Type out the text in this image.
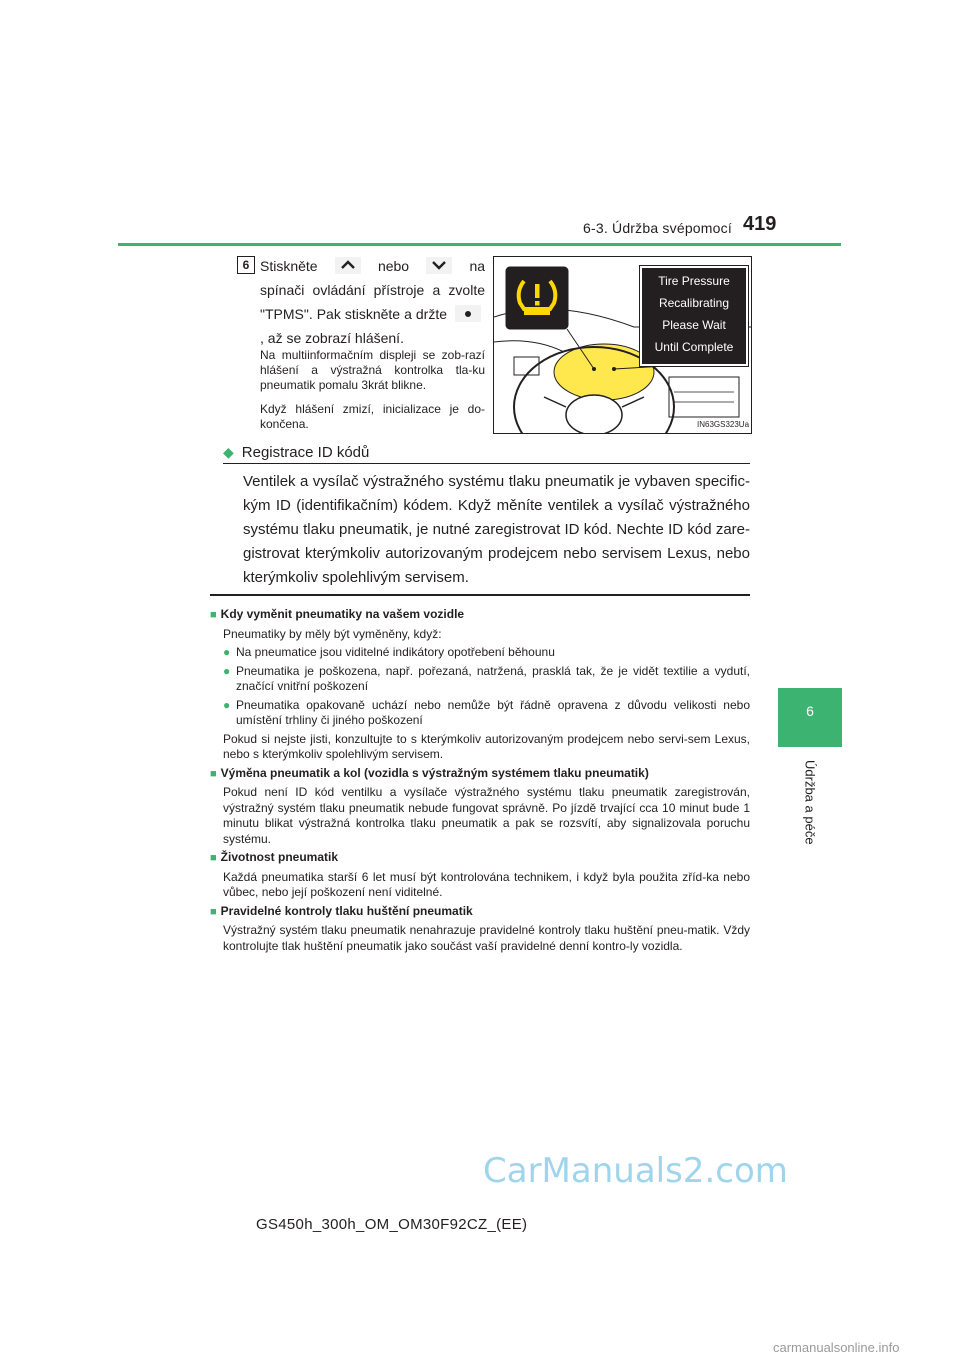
6-3. Údržba svépomocí 419
6
Údržba a péče
6 Stiskněte	nebo	na spínači ovládání přístroje a zvolte "TPMS". Pak stiskněte a držte
, až se zobrazí hlášení.
Na multiinformačním displeji se zob-razí hlášení a výstražná kontrolka tla-ku pneumatik pomalu 3krát blikne.
Když hlášení zmizí, inicializace je do-končena.
Tire Pressure
Recalibrating
Please Wait
Until Complete
IN63GS323Ua
◆ Registrace ID kódů
Ventilek a vysílač výstražného systému tlaku pneumatik je vybaven specific-kým ID (identifikačním) kódem. Když měníte ventilek a vysílač výstražného systému tlaku pneumatik, je nutné zaregistrovat ID kód. Nechte ID kód zare-gistrovat kterýmkoliv autorizovaným prodejcem nebo servisem Lexus, nebo kterýmkoliv spolehlivým servisem.
■ Kdy vyměnit pneumatiky na vašem vozidle
Pneumatiky by měly být vyměněny, když:
● Na pneumatice jsou viditelné indikátory opotřebení běhounu
● Pneumatika je poškozena, např. pořezaná, natržená, prasklá tak, že je vidět textilie a vydutí, značící vnitřní poškození
● Pneumatika opakovaně uchází nebo nemůže být řádně opravena z důvodu velikosti nebo umístění trhliny či jiného poškození
Pokud si nejste jisti, konzultujte to s kterýmkoliv autorizovaným prodejcem nebo servi-sem Lexus, nebo s kterýmkoliv spolehlivým servisem.
■ Výměna pneumatik a kol (vozidla s výstražným systémem tlaku pneumatik)
Pokud není ID kód ventilku a vysílače výstražného systému tlaku pneumatik zaregistrován, výstražný systém tlaku pneumatik nebude fungovat správně. Po jízdě trvající cca 10 minut bude 1 minutu blikat výstražná kontrolka tlaku pneumatik a pak se rozsvítí, aby signalizovala poruchu systému.
■ Životnost pneumatik
Každá pneumatika starší 6 let musí být kontrolována technikem, i když byla použita zříd-ka nebo vůbec, nebo její poškození není viditelné.
■ Pravidelné kontroly tlaku huštění pneumatik
Výstražný systém tlaku pneumatik nenahrazuje pravidelné kontroly tlaku huštění pneu-matik. Vždy kontrolujte tlak huštění pneumatik jako součást vaší pravidelné denní kontro-ly vozidla.
CarManuals2.com
GS450h_300h_OM_OM30F92CZ_(EE)
carmanualsonline.info
